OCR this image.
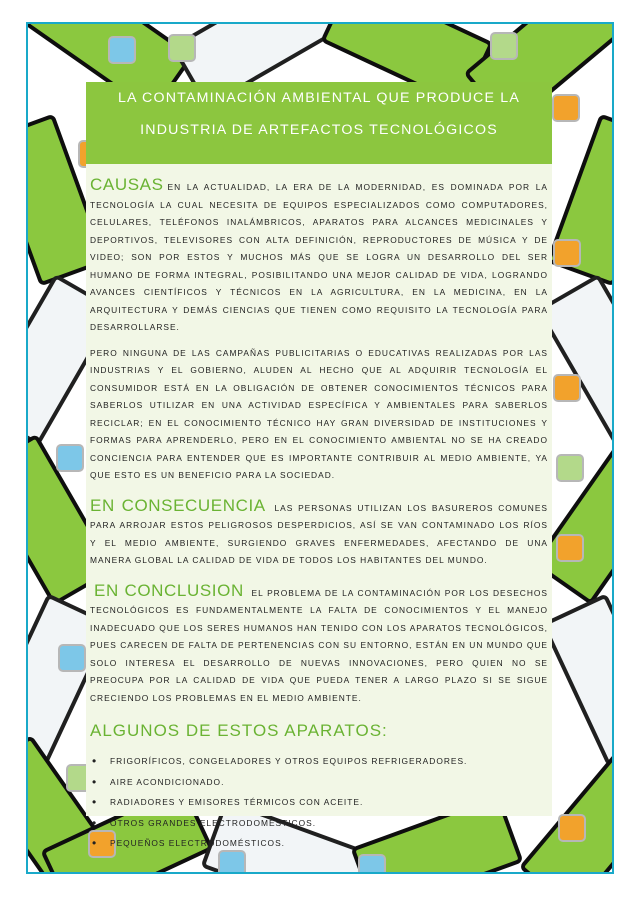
LA CONTAMINACIÓN AMBIENTAL QUE PRODUCE LA
INDUSTRIA DE ARTEFACTOS TECNOLÓGICOS

CAUSAS EN LA ACTUALIDAD, LA ERA DE LA MODERNIDAD, ES DOMINADA POR LA TECNOLOGÍA LA CUAL NECESITA DE EQUIPOS ESPECIALIZADOS COMO COMPUTADORES, CELULARES, TELÉFONOS INALÁMBRICOS, APARATOS PARA ALCANCES MEDICINALES Y DEPORTIVOS, TELEVISORES CON ALTA DEFINICIÓN, REPRODUCTORES DE MÚSICA Y DE VIDEO; SON POR ESTOS Y MUCHOS MÁS QUE SE LOGRA UN DESARROLLO DEL SER HUMANO DE FORMA INTEGRAL, POSIBILITANDO UNA MEJOR CALIDAD DE VIDA, LOGRANDO AVANCES CIENTÍFICOS Y TÉCNICOS EN LA AGRICULTURA, EN LA MEDICINA, EN LA ARQUITECTURA Y DEMÁS CIENCIAS QUE TIENEN COMO REQUISITO LA TECNOLOGÍA PARA DESARROLLARSE.

PERO NINGUNA DE LAS CAMPAÑAS PUBLICITARIAS O EDUCATIVAS REALIZADAS POR LAS INDUSTRIAS Y EL GOBIERNO, ALUDEN AL HECHO QUE AL ADQUIRIR TECNOLOGÍA EL CONSUMIDOR ESTÁ EN LA OBLIGACIÓN DE OBTENER CONOCIMIENTOS TÉCNICOS PARA SABERLOS UTILIZAR EN UNA ACTIVIDAD ESPECÍFICA Y AMBIENTALES PARA SABERLOS RECICLAR; EN EL CONOCIMIENTO TÉCNICO HAY GRAN DIVERSIDAD DE INSTITUCIONES Y FORMAS PARA APRENDERLO, PERO EN EL CONOCIMIENTO AMBIENTAL NO SE HA CREADO CONCIENCIA PARA ENTENDER QUE ES IMPORTANTE CONTRIBUIR AL MEDIO AMBIENTE, YA QUE ESTO ES UN BENEFICIO PARA LA SOCIEDAD.

EN CONSECUENCIA LAS PERSONAS UTILIZAN LOS BASUREROS COMUNES PARA ARROJAR ESTOS PELIGROSOS DESPERDICIOS, ASÍ SE VAN CONTAMINADO LOS RÍOS Y EL MEDIO AMBIENTE, SURGIENDO GRAVES ENFERMEDADES, AFECTANDO DE UNA MANERA GLOBAL LA CALIDAD DE VIDA DE TODOS LOS HABITANTES DEL MUNDO.

EN CONCLUSION EL PROBLEMA DE LA CONTAMINACIÓN POR LOS DESECHOS TECNOLÓGICOS ES FUNDAMENTALMENTE LA FALTA DE CONOCIMIENTOS Y EL MANEJO INADECUADO QUE LOS SERES HUMANOS HAN TENIDO CON LOS APARATOS TECNOLÓGICOS, PUES CARECEN DE FALTA DE PERTENENCIAS CON SU ENTORNO, ESTÁN EN UN MUNDO QUE SOLO INTERESA EL DESARROLLO DE NUEVAS INNOVACIONES, PERO QUIEN NO SE PREOCUPA POR LA CALIDAD DE VIDA QUE PUEDA TENER A LARGO PLAZO SI SE SIGUE CRECIENDO LOS PROBLEMAS EN EL MEDIO AMBIENTE.

ALGUNOS DE ESTOS APARATOS:
• FRIGORÍFICOS, CONGELADORES Y OTROS EQUIPOS REFRIGERADORES.
• AIRE ACONDICIONADO.
• RADIADORES Y EMISORES TÉRMICOS CON ACEITE.
• OTROS GRANDES ELECTRODOMÉSTICOS.
• PEQUEÑOS ELECTRODOMÉSTICOS.
